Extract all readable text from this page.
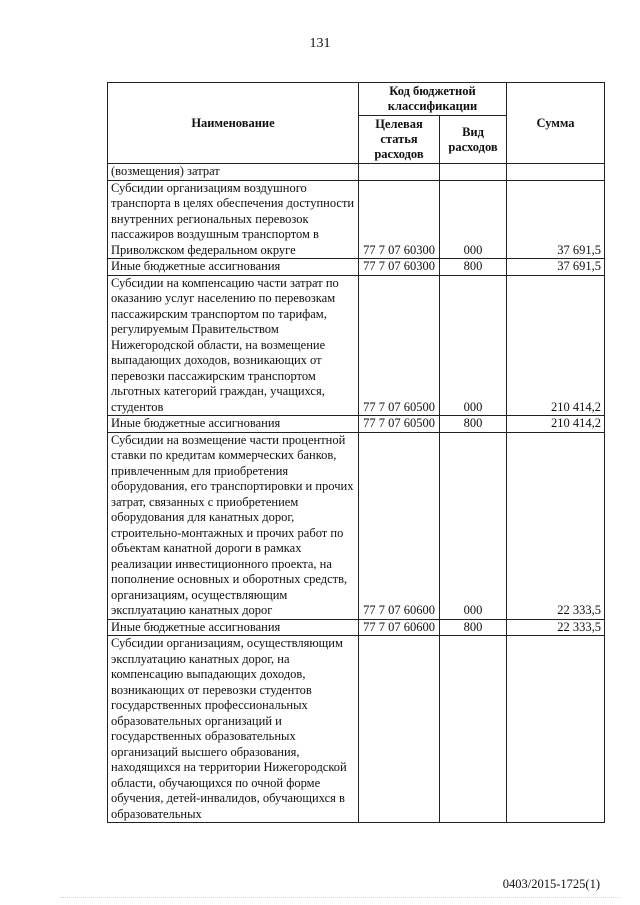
131
Наименование	Код бюджетной классификации		Сумма
	Целевая статья расходов	Вид расходов	
(возмещения) затрат			
Субсидии организациям воздушного транспорта в целях обеспечения доступности внутренних региональных перевозок пассажиров воздушным транспортом в Приволжском федеральном округе	77 7 07 60300	000	37 691,5
Иные бюджетные ассигнования	77 7 07 60300	800	37 691,5
Субсидии на компенсацию части затрат по оказанию услуг населению по перевозкам пассажирским транспортом по тарифам, регулируемым Правительством Нижегородской области, на возмещение выпадающих доходов, возникающих от перевозки пассажирским транспортом льготных категорий граждан, учащихся, студентов	77 7 07 60500	000	210 414,2
Иные бюджетные ассигнования	77 7 07 60500	800	210 414,2
Субсидии на возмещение части процентной ставки по кредитам коммерческих банков, привлеченным для приобретения оборудования, его транспортировки и прочих затрат, связанных с приобретением оборудования для канатных дорог, строительно-монтажных и прочих работ по объектам канатной дороги в рамках реализации инвестиционного проекта, на пополнение основных и оборотных средств, организациям, осуществляющим эксплуатацию канатных дорог	77 7 07 60600	000	22 333,5
Иные бюджетные ассигнования	77 7 07 60600	800	22 333,5
Субсидии организациям, осуществляющим эксплуатацию канатных дорог, на компенсацию выпадающих доходов, возникающих от перевозки студентов государственных профессиональных образовательных организаций и государственных образовательных организаций высшего образования, находящихся на территории Нижегородской области, обучающихся по очной форме обучения, детей-инвалидов, обучающихся в образовательных			
0403/2015-1725(1)
